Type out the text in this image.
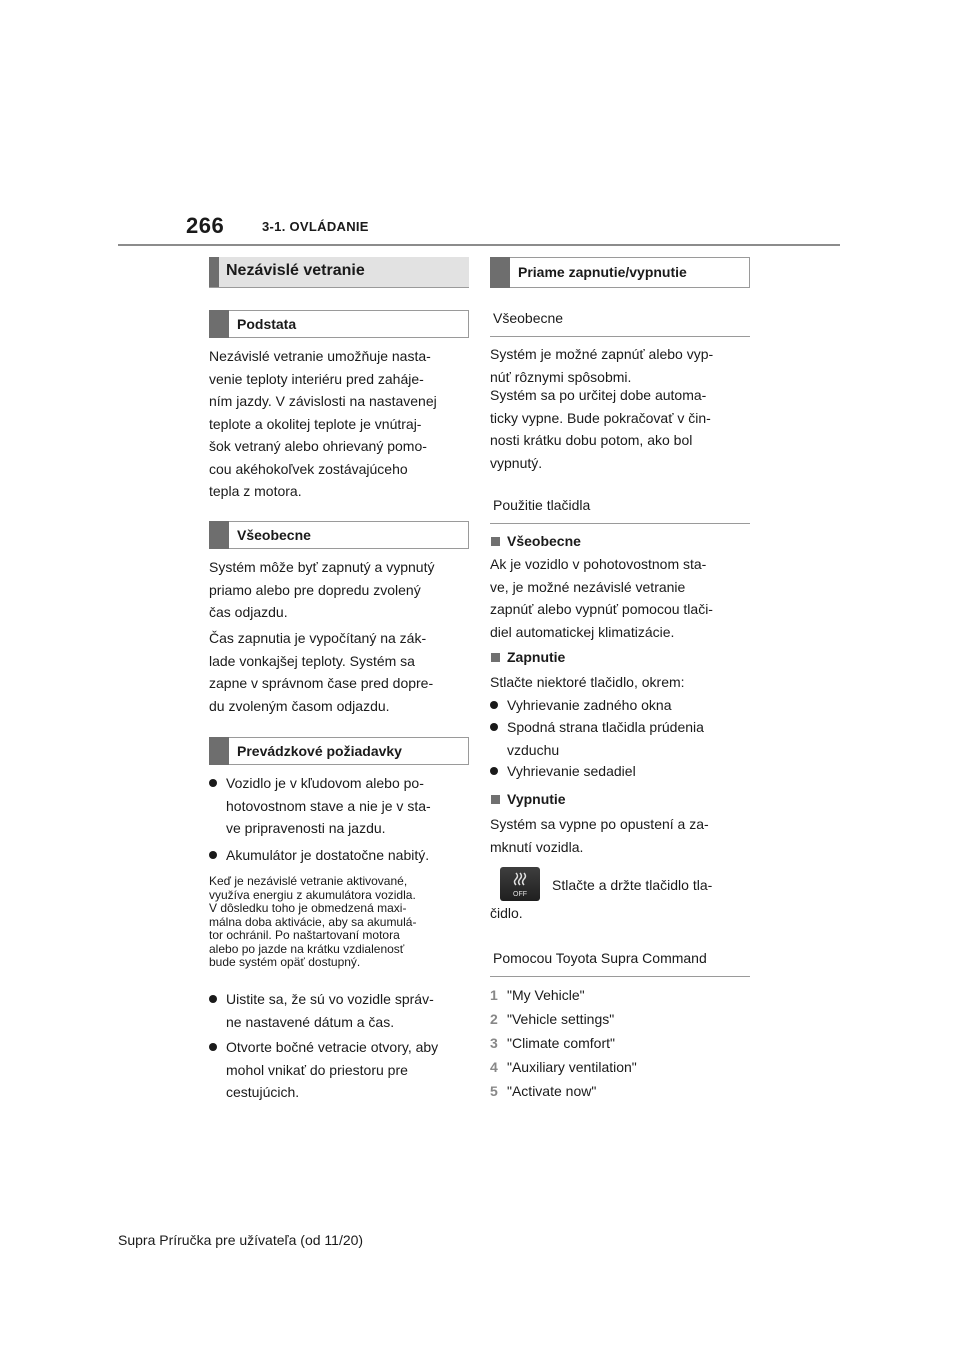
266	3-1. OVLÁDANIE
Nezávislé vetranie
Podstata
Nezávislé vetranie umožňuje nasta-
venie teploty interiéru pred zaháje-
ním jazdy. V závislosti na nastavenej
teplote a okolitej teplote je vnútraj-
šok vetraný alebo ohrievaný pomo-
cou akéhokoľvek zostávajúceho
tepla z motora.
Všeobecne
Systém môže byť zapnutý a vypnutý
priamo alebo pre dopredu zvolený
čas odjazdu.
Čas zapnutia je vypočítaný na zák-
lade vonkajšej teploty. Systém sa
zapne v správnom čase pred dopre-
du zvoleným časom odjazdu.
Prevádzkové požiadavky
Vozidlo je v kľudovom alebo po-
hotovostnom stave a nie je v sta-
ve pripravenosti na jazdu.
Akumulátor je dostatočne nabitý.
Keď je nezávislé vetranie aktivované,
využíva energiu z akumulátora vozidla.
V dôsledku toho je obmedzená maxi-
málna doba aktivácie, aby sa akumulá-
tor ochránil. Po naštartovaní motora
alebo po jazde na krátku vzdialenosť
bude systém opäť dostupný.
Uistite sa, že sú vo vozidle správ-
ne nastavené dátum a čas.
Otvorte bočné vetracie otvory, aby
mohol vnikať do priestoru pre
cestujúcich.
Priame zapnutie/vypnutie
Všeobecne
Systém je možné zapnúť alebo vyp-
núť rôznymi spôsobmi.
Systém sa po určitej dobe automa-
ticky vypne. Bude pokračovať v čin-
nosti krátku dobu potom, ako bol
vypnutý.
Použitie tlačidla
Všeobecne
Ak je vozidlo v pohotovostnom sta-
ve, je možné nezávislé vetranie
zapnúť alebo vypnúť pomocou tlači-
diel automatickej klimatizácie.
Zapnutie
Stlačte niektoré tlačidlo, okrem:
Vyhrievanie zadného okna
Spodná strana tlačidla prúdenia
vzduchu
Vyhrievanie sedadiel
Vypnutie
Systém sa vypne po opustení a za-
mknutí vozidla.
OFF
Stlačte a držte tlačidlo tla-
čidlo.
Pomocou Toyota Supra Command
1 "My Vehicle"
2 "Vehicle settings"
3 "Climate comfort"
4 "Auxiliary ventilation"
5 "Activate now"
Supra Príručka pre užívateľa (od 11/20)
